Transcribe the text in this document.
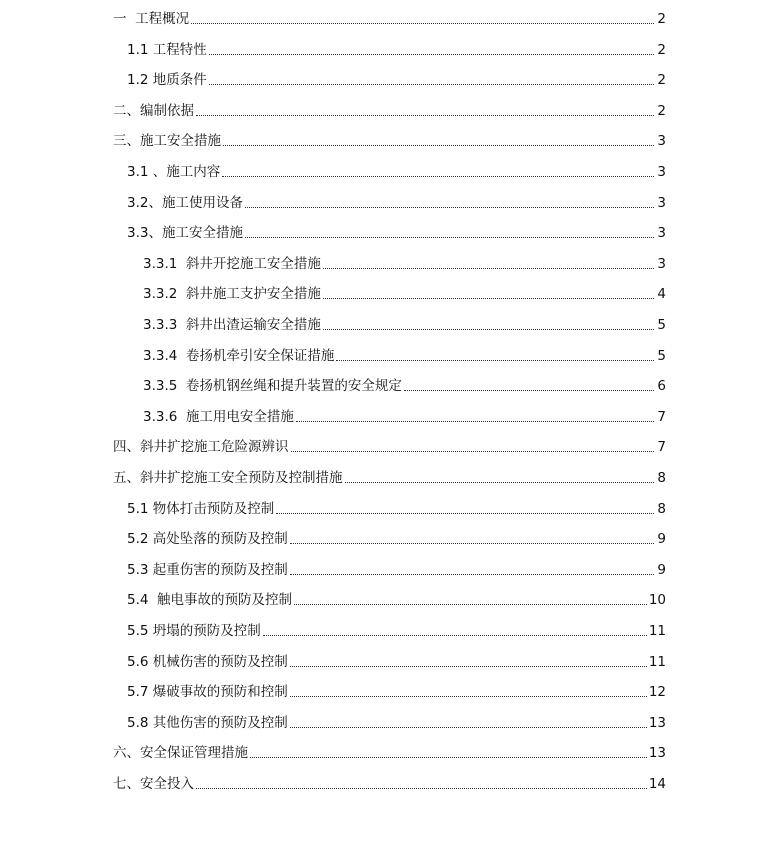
一  工程概况	2
1.1 工程特性	2
1.2 地质条件	2
二、编制依据	2
三、施工安全措施	3
3.1 、施工内容	3
3.2、施工使用设备	3
3.3、施工安全措施	3
3.3.1  斜井开挖施工安全措施	3
3.3.2  斜井施工支护安全措施	4
3.3.3  斜井出渣运输安全措施	5
3.3.4  卷扬机牵引安全保证措施	5
3.3.5  卷扬机钢丝绳和提升装置的安全规定	6
3.3.6  施工用电安全措施	7
四、斜井扩挖施工危险源辨识	7
五、斜井扩挖施工安全预防及控制措施	8
5.1 物体打击预防及控制	8
5.2 高处坠落的预防及控制	9
5.3 起重伤害的预防及控制	9
5.4  触电事故的预防及控制	10
5.5 坍塌的预防及控制	11
5.6 机械伤害的预防及控制	11
5.7 爆破事故的预防和控制	12
5.8 其他伤害的预防及控制	13
六、安全保证管理措施	13
七、安全投入	14
